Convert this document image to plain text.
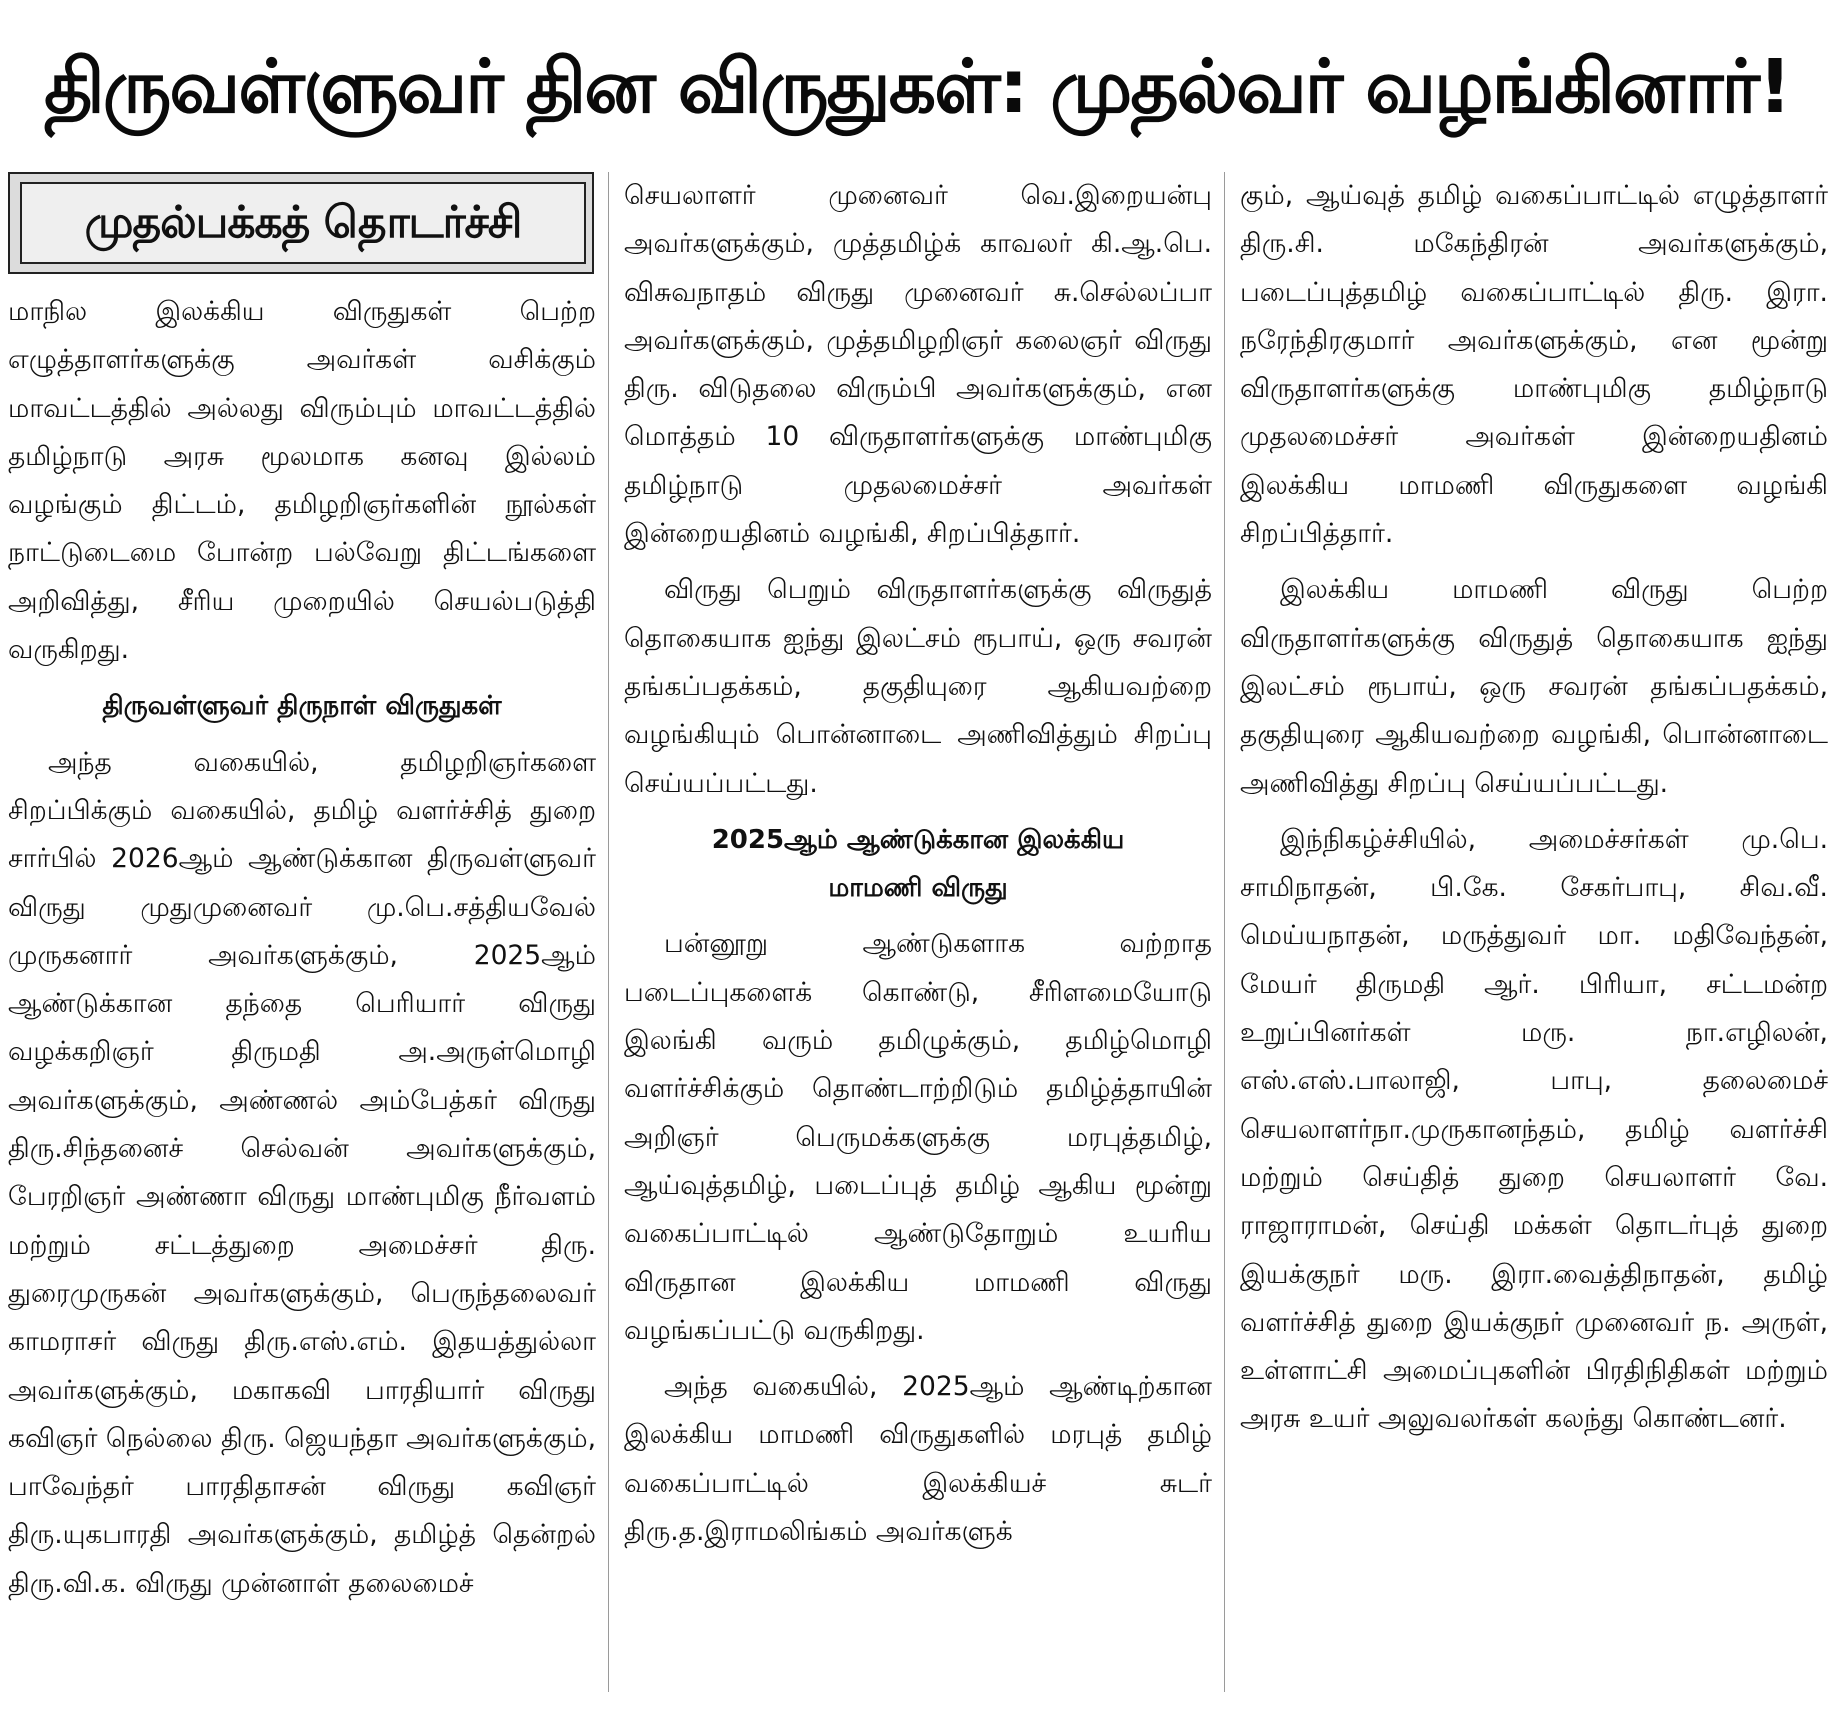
திருவள்ளுவர் தின விருதுகள்: முதல்வர் வழங்கினார்!
முதல்பக்கத் தொடர்ச்சி

மாநில இலக்கிய விருதுகள் பெற்ற எழுத்தாளர்களுக்கு அவர்கள் வசிக்கும் மாவட்டத்தில் அல்லது விரும்பும் மாவட்டத்தில் தமிழ்நாடு அரசு மூலமாக கனவு இல்லம் வழங்கும் திட்டம், தமிழறிஞர்களின் நூல்கள் நாட்டுடைமை போன்ற பல்வேறு திட்டங்களை அறிவித்து, சீரிய முறையில் செயல்படுத்தி வருகிறது.

திருவள்ளுவர் திருநாள் விருதுகள்

அந்த வகையில், தமிழறிஞர்களை சிறப்பிக்கும் வகையில், தமிழ் வளர்ச்சித் துறை சார்பில் 2026ஆம் ஆண்டுக்கான திருவள்ளுவர் விருது முதுமுனைவர் மு.பெ.சத்தியவேல் முருகனார் அவர்களுக்கும், 2025ஆம் ஆண்டுக்கான தந்தை பெரியார் விருது வழக்கறிஞர் திருமதி அ.அருள்மொழி அவர்களுக்கும், அண்ணல் அம்பேத்கர் விருது திரு.சிந்தனைச் செல்வன் அவர்களுக்கும், பேரறிஞர் அண்ணா விருது மாண்புமிகு நீர்வளம் மற்றும் சட்டத்துறை அமைச்சர் திரு. துரைமுருகன் அவர்களுக்கும், பெருந்தலைவர் காமராசர் விருது திரு.எஸ்.எம். இதயத்துல்லா அவர்களுக்கும், மகாகவி பாரதியார் விருது கவிஞர் நெல்லை திரு. ஜெயந்தா அவர்களுக்கும், பாவேந்தர் பாரதிதாசன் விருது கவிஞர் திரு.யுகபாரதி அவர்களுக்கும், தமிழ்த் தென்றல் திரு.வி.க. விருது முன்னாள் தலைமைச்

செயலாளர் முனைவர் வெ.இறையன்பு அவர்களுக்கும், முத்தமிழ்க் காவலர் கி.ஆ.பெ. விசுவநாதம் விருது முனைவர் சு.செல்லப்பா அவர்களுக்கும், முத்தமிழறிஞர் கலைஞர் விருது திரு. விடுதலை விரும்பி அவர்களுக்கும், என மொத்தம் 10 விருதாளர்களுக்கு மாண்புமிகு தமிழ்நாடு முதலமைச்சர் அவர்கள் இன்றையதினம் வழங்கி, சிறப்பித்தார்.

விருது பெறும் விருதாளர்களுக்கு விருதுத் தொகையாக ஐந்து இலட்சம் ரூபாய், ஒரு சவரன் தங்கப்பதக்கம், தகுதியுரை ஆகியவற்றை வழங்கியும் பொன்னாடை அணிவித்தும் சிறப்பு செய்யப்பட்டது.

2025ஆம் ஆண்டுக்கான இலக்கிய
மாமணி விருது

பன்னூறு ஆண்டுகளாக வற்றாத படைப்புகளைக் கொண்டு, சீரிளமையோடு இலங்கி வரும் தமிழுக்கும், தமிழ்மொழி வளர்ச்சிக்கும் தொண்டாற்றிடும் தமிழ்த்தாயின் அறிஞர் பெருமக்களுக்கு மரபுத்தமிழ், ஆய்வுத்தமிழ், படைப்புத் தமிழ் ஆகிய மூன்று வகைப்பாட்டில் ஆண்டுதோறும் உயரிய விருதான இலக்கிய மாமணி விருது வழங்கப்பட்டு வருகிறது.

அந்த வகையில், 2025ஆம் ஆண்டிற்கான இலக்கிய மாமணி விருதுகளில் மரபுத் தமிழ் வகைப்பாட்டில் இலக்கியச் சுடர் திரு.த.இராமலிங்கம் அவர்களுக்

கும், ஆய்வுத் தமிழ் வகைப்பாட்டில் எழுத்தாளர் திரு.சி. மகேந்திரன் அவர்களுக்கும், படைப்புத்தமிழ் வகைப்பாட்டில் திரு. இரா. நரேந்திரகுமார் அவர்களுக்கும், என மூன்று விருதாளர்களுக்கு மாண்புமிகு தமிழ்நாடு முதலமைச்சர் அவர்கள் இன்றையதினம் இலக்கிய மாமணி விருதுகளை வழங்கி சிறப்பித்தார்.

இலக்கிய மாமணி விருது பெற்ற விருதாளர்களுக்கு விருதுத் தொகையாக ஐந்து இலட்சம் ரூபாய், ஒரு சவரன் தங்கப்பதக்கம், தகுதியுரை ஆகியவற்றை வழங்கி, பொன்னாடை அணிவித்து சிறப்பு செய்யப்பட்டது.

இந்நிகழ்ச்சியில், அமைச்சர்கள் மு.பெ. சாமிநாதன், பி.கே. சேகர்பாபு, சிவ.வீ. மெய்யநாதன், மருத்துவர் மா. மதிவேந்தன், மேயர் திருமதி ஆர். பிரியா, சட்டமன்ற உறுப்பினர்கள் மரு. நா.எழிலன், எஸ்.எஸ்.பாலாஜி, பாபு, தலைமைச் செயலாளர்நா.முருகானந்தம், தமிழ் வளர்ச்சி மற்றும் செய்தித் துறை செயலாளர் வே. ராஜாராமன், செய்தி மக்கள் தொடர்புத் துறை இயக்குநர் மரு. இரா.வைத்திநாதன், தமிழ் வளர்ச்சித் துறை இயக்குநர் முனைவர் ந. அருள், உள்ளாட்சி அமைப்புகளின் பிரதிநிதிகள் மற்றும் அரசு உயர் அலுவலர்கள் கலந்து கொண்டனர்.
